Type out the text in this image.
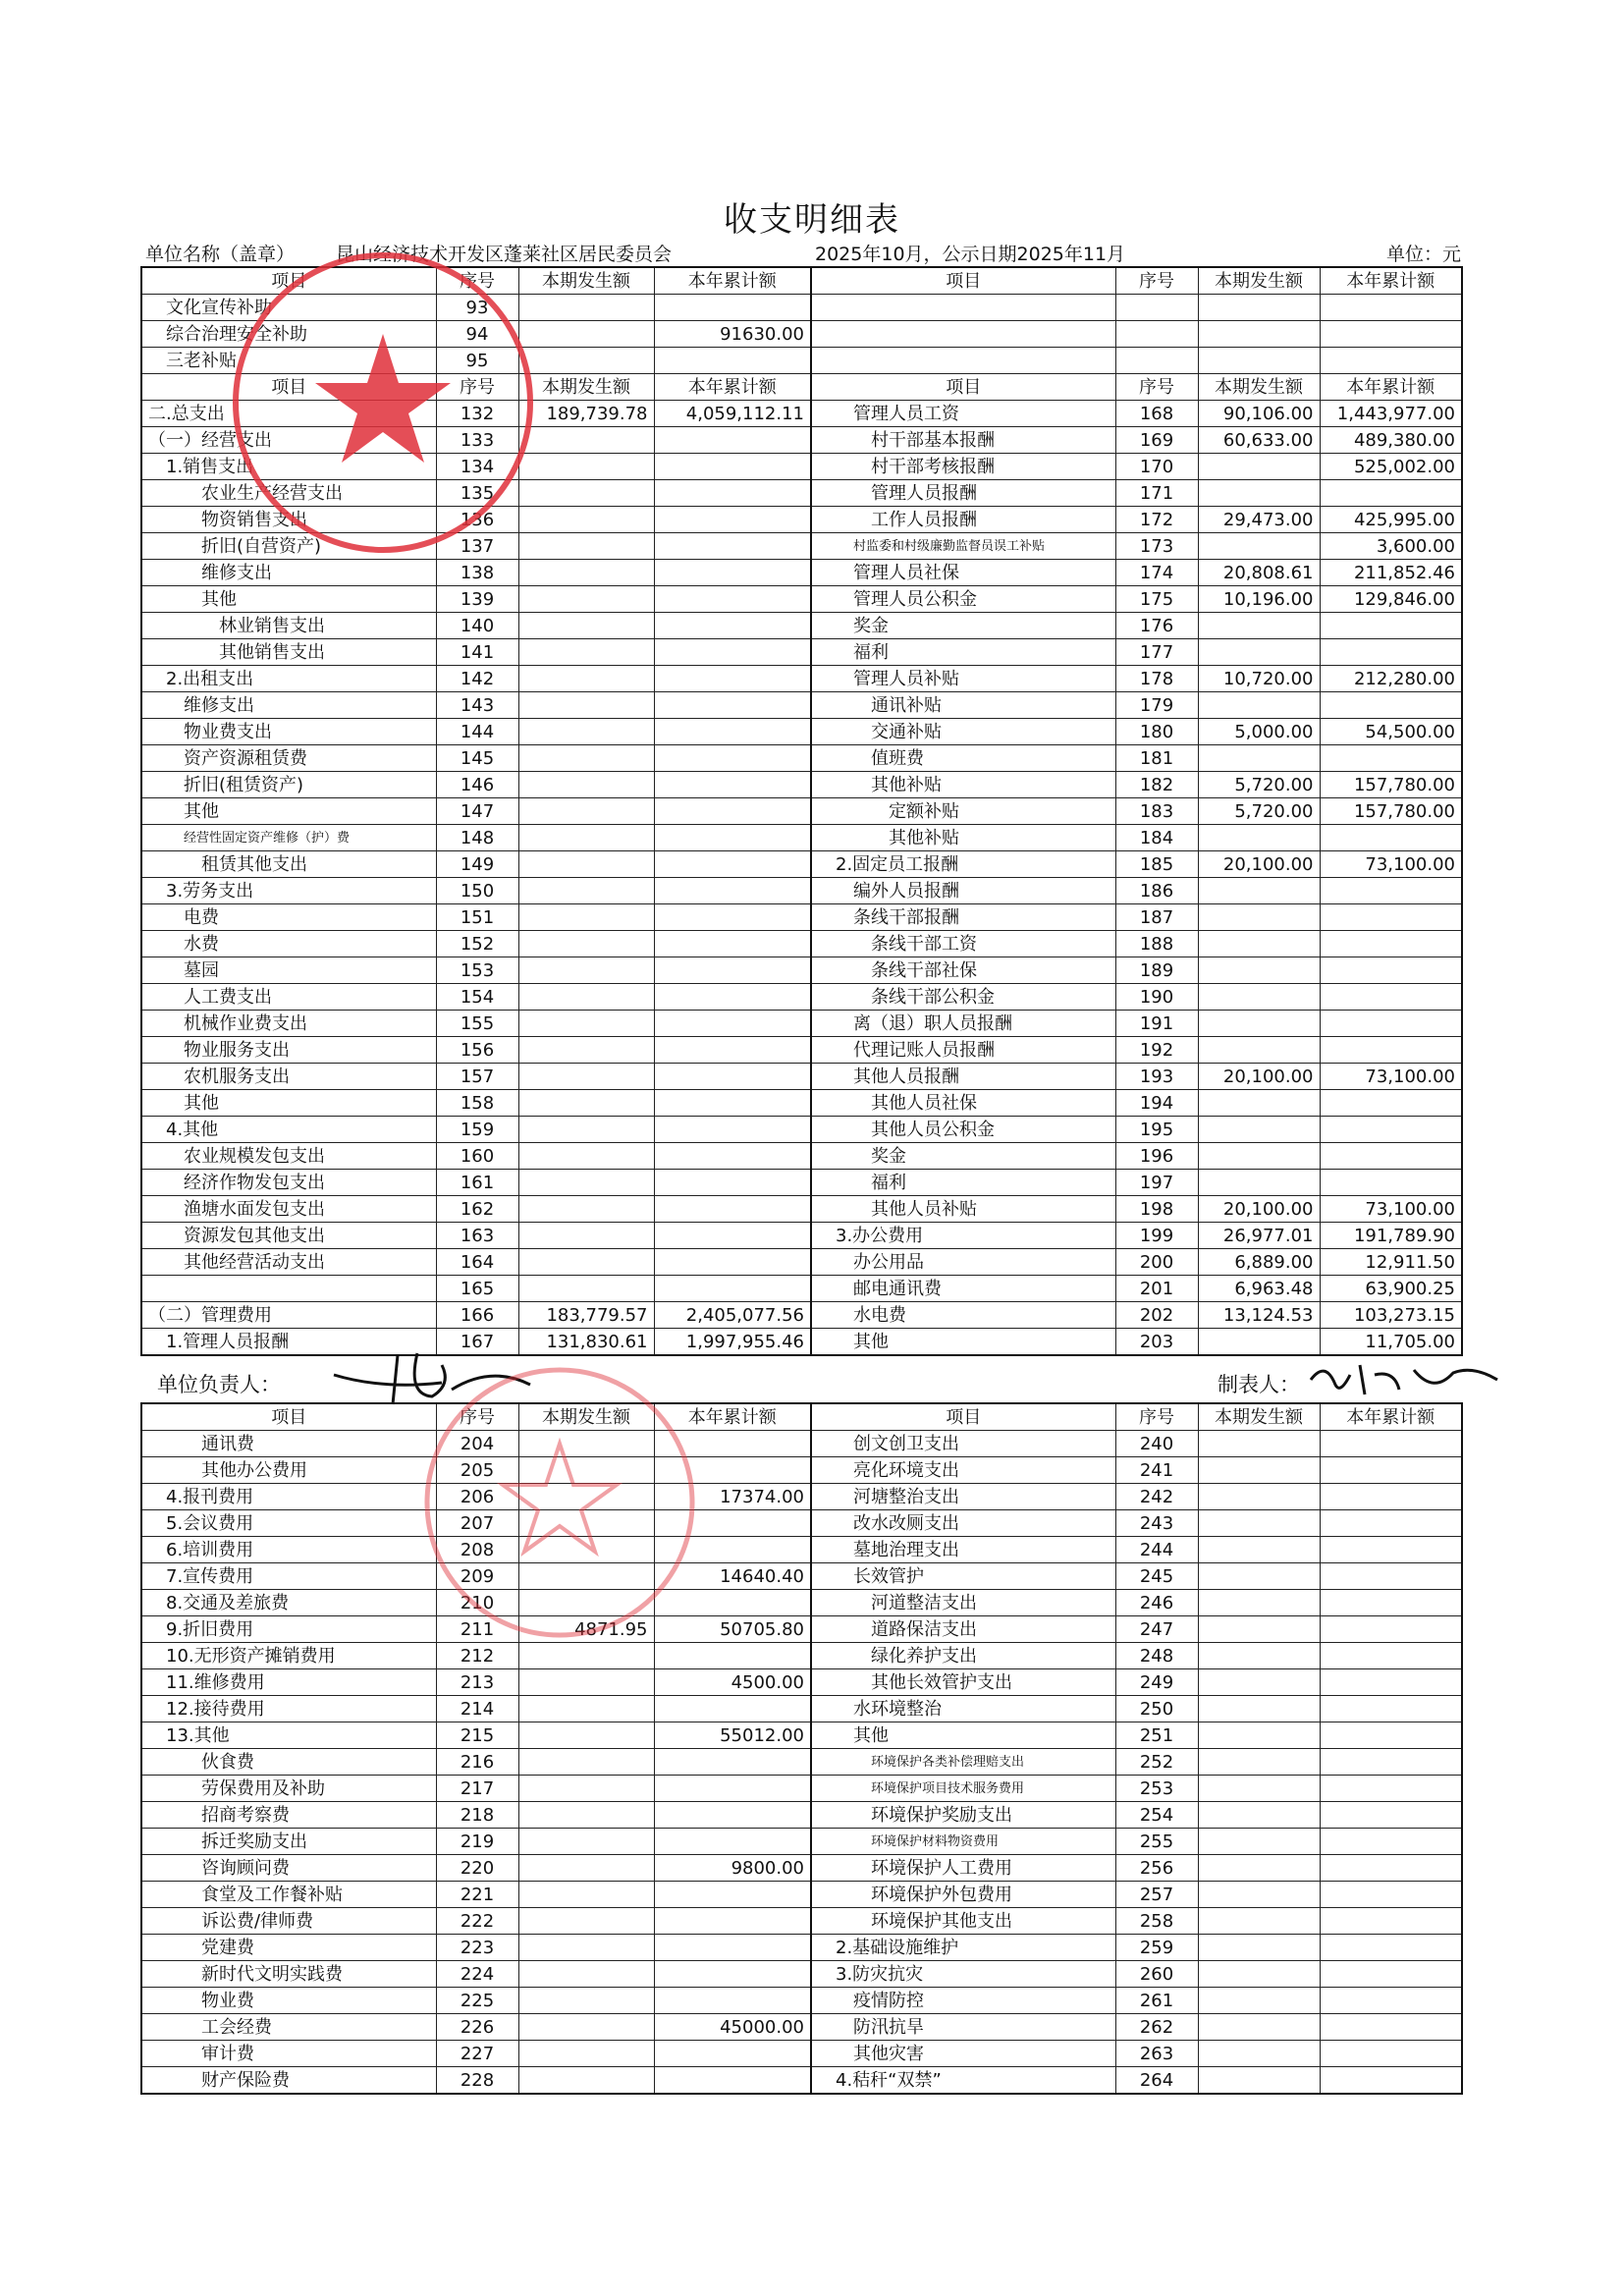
收支明细表
单位名称（盖章） 昆山经济技术开发区蓬莱社区居民委员会	2025年10月，公示日期2025年11月	单位：元
项目	序号	本期发生额	本年累计额	项目	序号	本期发生额	本年累计额
文化宣传补助	93						
综合治理安全补助	94		91630.00				
三老补贴	95						
项目	序号	本期发生额	本年累计额	项目	序号	本期发生额	本年累计额
二.总支出	132	189,739.78	4,059,112.11	管理人员工资	168	90,106.00	1,443,977.00
（一）经营支出	133			村干部基本报酬	169	60,633.00	489,380.00
1.销售支出	134			村干部考核报酬	170		525,002.00
农业生产经营支出	135			管理人员报酬	171		
物资销售支出	136			工作人员报酬	172	29,473.00	425,995.00
折旧(自营资产)	137			村监委和村级廉勤监督员误工补贴	173		3,600.00
维修支出	138			管理人员社保	174	20,808.61	211,852.46
其他	139			管理人员公积金	175	10,196.00	129,846.00
林业销售支出	140			奖金	176		
其他销售支出	141			福利	177		
2.出租支出	142			管理人员补贴	178	10,720.00	212,280.00
维修支出	143			通讯补贴	179		
物业费支出	144			交通补贴	180	5,000.00	54,500.00
资产资源租赁费	145			值班费	181		
折旧(租赁资产)	146			其他补贴	182	5,720.00	157,780.00
其他	147			定额补贴	183	5,720.00	157,780.00
经营性固定资产维修（护）费	148			其他补贴	184		
租赁其他支出	149			2.固定员工报酬	185	20,100.00	73,100.00
3.劳务支出	150			编外人员报酬	186		
电费	151			条线干部报酬	187		
水费	152			条线干部工资	188		
墓园	153			条线干部社保	189		
人工费支出	154			条线干部公积金	190		
机械作业费支出	155			离（退）职人员报酬	191		
物业服务支出	156			代理记账人员报酬	192		
农机服务支出	157			其他人员报酬	193	20,100.00	73,100.00
其他	158			其他人员社保	194		
4.其他	159			其他人员公积金	195		
农业规模发包支出	160			奖金	196		
经济作物发包支出	161			福利	197		
渔塘水面发包支出	162			其他人员补贴	198	20,100.00	73,100.00
资源发包其他支出	163			3.办公费用	199	26,977.01	191,789.90
其他经营活动支出	164			办公用品	200	6,889.00	12,911.50
	165			邮电通讯费	201	6,963.48	63,900.25
（二）管理费用	166	183,779.57	2,405,077.56	水电费	202	13,124.53	103,273.15
1.管理人员报酬	167	131,830.61	1,997,955.46	其他	203		11,705.00
单位负责人：	制表人：
项目	序号	本期发生额	本年累计额	项目	序号	本期发生额	本年累计额
通讯费	204			创文创卫支出	240		
其他办公费用	205			亮化环境支出	241		
4.报刊费用	206		17374.00	河塘整治支出	242		
5.会议费用	207			改水改厕支出	243		
6.培训费用	208			墓地治理支出	244		
7.宣传费用	209		14640.40	长效管护	245		
8.交通及差旅费	210			河道整洁支出	246		
9.折旧费用	211	4871.95	50705.80	道路保洁支出	247		
10.无形资产摊销费用	212			绿化养护支出	248		
11.维修费用	213		4500.00	其他长效管护支出	249		
12.接待费用	214			水环境整治	250		
13.其他	215		55012.00	其他	251		
伙食费	216			环境保护各类补偿理赔支出	252		
劳保费用及补助	217			环境保护项目技术服务费用	253		
招商考察费	218			环境保护奖励支出	254		
拆迁奖励支出	219			环境保护材料物资费用	255		
咨询顾问费	220		9800.00	环境保护人工费用	256		
食堂及工作餐补贴	221			环境保护外包费用	257		
诉讼费/律师费	222			环境保护其他支出	258		
党建费	223			2.基础设施维护	259		
新时代文明实践费	224			3.防灾抗灾	260		
物业费	225			疫情防控	261		
工会经费	226		45000.00	防汛抗旱	262		
审计费	227			其他灾害	263		
财产保险费	228			4.秸秆“双禁”	264		
